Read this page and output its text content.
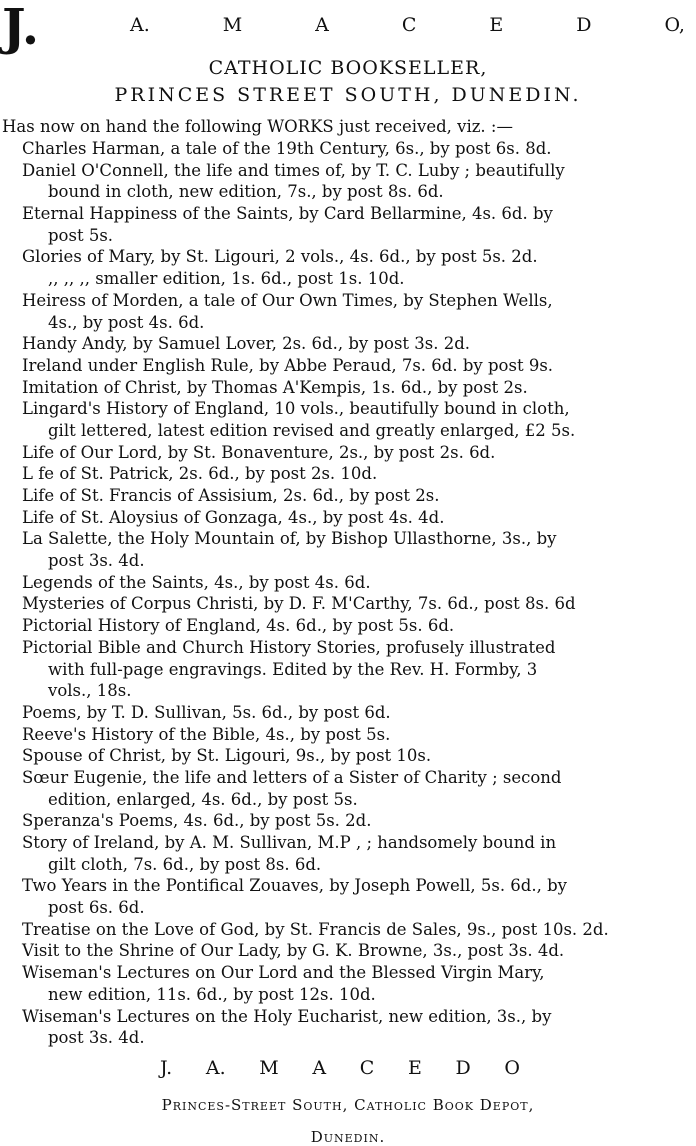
J.	A.	M	A	C	E	D	O,
CATHOLIC BOOKSELLER,
PRINCES STREET SOUTH, DUNEDIN.
Has now on hand the following WORKS just received, viz. :—
Charles Harman, a tale of the 19th Century, 6s., by post 6s. 8d.
Daniel O'Connell, the life and times of, by T. C. Luby ; beautifully
bound in cloth, new edition, 7s., by post 8s. 6d.
Eternal Happiness of the Saints, by Card Bellarmine, 4s. 6d. by
post 5s.
Glories of Mary, by St. Ligouri, 2 vols., 4s. 6d., by post 5s. 2d.
,, ,, ,, smaller edition, 1s. 6d., post 1s. 10d.
Heiress of Morden, a tale of Our Own Times, by Stephen Wells,
4s., by post 4s. 6d.
Handy Andy, by Samuel Lover, 2s. 6d., by post 3s. 2d.
Ireland under English Rule, by Abbe Peraud, 7s. 6d. by post 9s.
Imitation of Christ, by Thomas A'Kempis, 1s. 6d., by post 2s.
Lingard's History of England, 10 vols., beautifully bound in cloth,
gilt lettered, latest edition revised and greatly enlarged, £2 5s.
Life of Our Lord, by St. Bonaventure, 2s., by post 2s. 6d.
L fe of St. Patrick, 2s. 6d., by post 2s. 10d.
Life of St. Francis of Assisium, 2s. 6d., by post 2s.
Life of St. Aloysius of Gonzaga, 4s., by post 4s. 4d.
La Salette, the Holy Mountain of, by Bishop Ullasthorne, 3s., by
post 3s. 4d.
Legends of the Saints, 4s., by post 4s. 6d.
Mysteries of Corpus Christi, by D. F. M'Carthy, 7s. 6d., post 8s. 6d
Pictorial History of England, 4s. 6d., by post 5s. 6d.
Pictorial Bible and Church History Stories, profusely illustrated
with full-page engravings. Edited by the Rev. H. Formby, 3
vols., 18s.
Poems, by T. D. Sullivan, 5s. 6d., by post 6d.
Reeve's History of the Bible, 4s., by post 5s.
Spouse of Christ, by St. Ligouri, 9s., by post 10s.
Sœur Eugenie, the life and letters of a Sister of Charity ; second
edition, enlarged, 4s. 6d., by post 5s.
Speranza's Poems, 4s. 6d., by post 5s. 2d.
Story of Ireland, by A. M. Sullivan, M.P , ; handsomely bound in
gilt cloth, 7s. 6d., by post 8s. 6d.
Two Years in the Pontifical Zouaves, by Joseph Powell, 5s. 6d., by
post 6s. 6d.
Treatise on the Love of God, by St. Francis de Sales, 9s., post 10s. 2d.
Visit to the Shrine of Our Lady, by G. K. Browne, 3s., post 3s. 4d.
Wiseman's Lectures on Our Lord and the Blessed Virgin Mary,
new edition, 11s. 6d., by post 12s. 10d.
Wiseman's Lectures on the Holy Eucharist, new edition, 3s., by
post 3s. 4d.
J. A. M A C E D O
Princes-Street South, Catholic Book Depot,
Dunedin.
